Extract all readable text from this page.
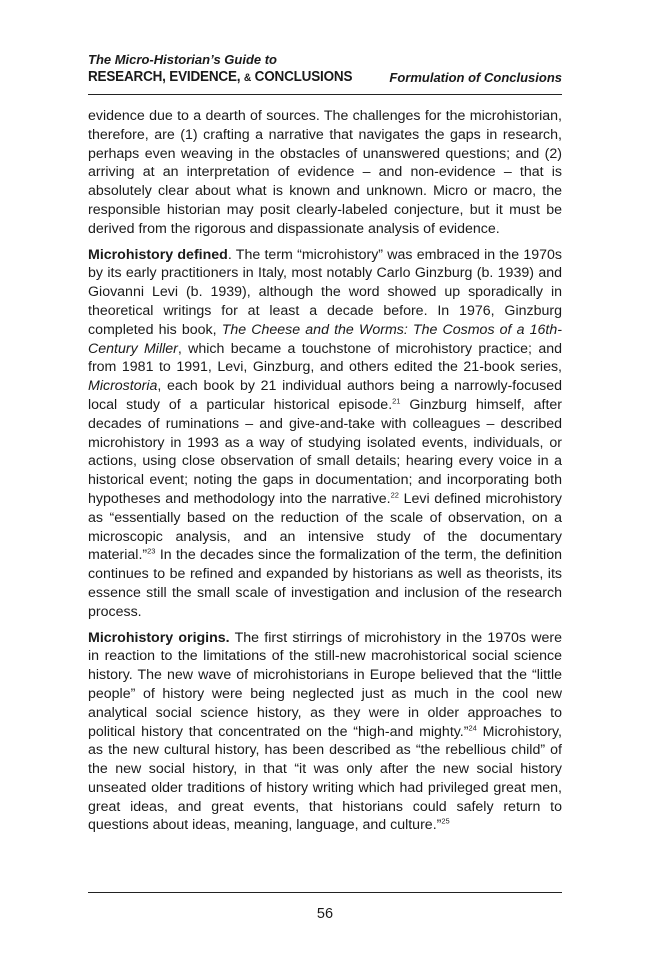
The Micro-Historian’s Guide to
RESEARCH, EVIDENCE, & CONCLUSIONS	Formulation of Conclusions

evidence due to a dearth of sources. The challenges for the microhistorian, therefore, are (1) crafting a narrative that navigates the gaps in research, perhaps even weaving in the obstacles of unanswered questions; and (2) arriving at an interpretation of evidence – and non-evidence – that is absolutely clear about what is known and unknown. Micro or macro, the responsible historian may posit clearly-labeled conjecture, but it must be derived from the rigorous and dispassionate analysis of evidence.

Microhistory defined. The term “microhistory” was embraced in the 1970s by its early practitioners in Italy, most notably Carlo Ginzburg (b. 1939) and Giovanni Levi (b. 1939), although the word showed up sporadically in theoretical writings for at least a decade before. In 1976, Ginzburg completed his book, The Cheese and the Worms: The Cosmos of a 16th-Century Miller, which became a touchstone of microhistory practice; and from 1981 to 1991, Levi, Ginzburg, and others edited the 21-book series, Microstoria, each book by 21 individual authors being a narrowly-focused local study of a particular historical episode.$^{21}$ Ginzburg himself, after decades of ruminations – and give-and-take with colleagues – described microhistory in 1993 as a way of studying isolated events, individuals, or actions, using close observation of small details; hearing every voice in a historical event; noting the gaps in documentation; and incorporating both hypotheses and methodology into the narrative.$^{22}$ Levi defined microhistory as “essentially based on the reduction of the scale of observation, on a microscopic analysis, and an intensive study of the documentary material.”$^{23}$ In the decades since the formalization of the term, the definition continues to be refined and expanded by historians as well as theorists, its essence still the small scale of investigation and inclusion of the research process.

Microhistory origins. The first stirrings of microhistory in the 1970s were in reaction to the limitations of the still-new macrohistorical social science history. The new wave of microhistorians in Europe believed that the “little people” of history were being neglected just as much in the cool new analytical social science history, as they were in older approaches to political history that concentrated on the “high-and mighty.”$^{24}$ Microhistory, as the new cultural history, has been described as “the rebellious child” of the new social history, in that “it was only after the new social history unseated older traditions of history writing which had privileged great men, great ideas, and great events, that historians could safely return to questions about ideas, meaning, language, and culture.”$^{25}$

56
